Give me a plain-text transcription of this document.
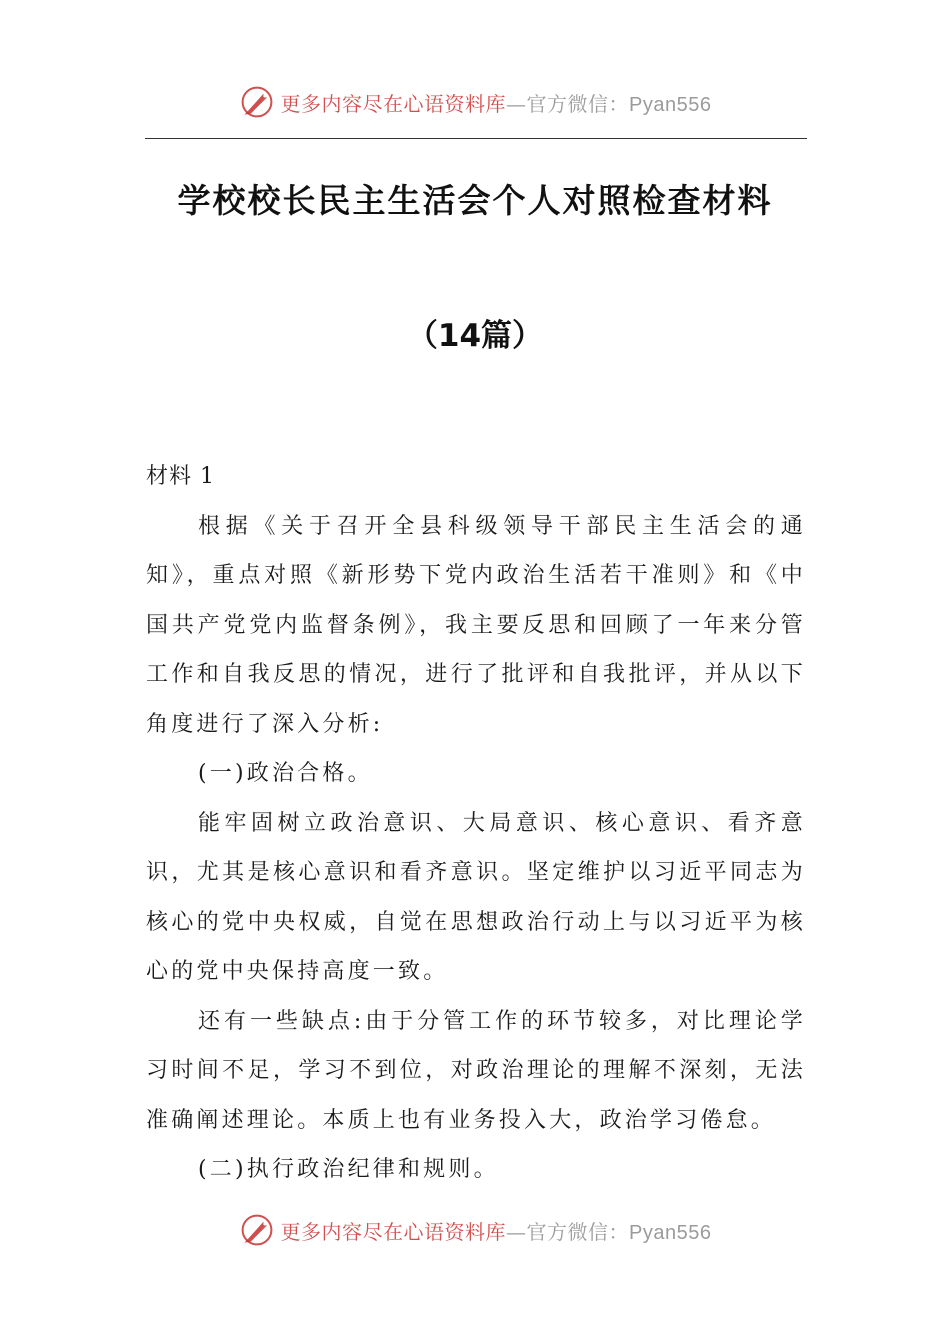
更多内容尽在心语资料库—官方微信：Pyan556
学校校长民主生活会个人对照检查材料
（14篇）

材料 1

根据《关于召开全县科级领导干部民主生活会的通知》，重点对照《新形势下党内政治生活若干准则》和《中国共产党党内监督条例》，我主要反思和回顾了一年来分管工作和自我反思的情况，进行了批评和自我批评，并从以下角度进行了深入分析:

(一)政治合格。

能牢固树立政治意识、大局意识、核心意识、看齐意识，尤其是核心意识和看齐意识。坚定维护以习近平同志为核心的党中央权威，自觉在思想政治行动上与以习近平为核心的党中央保持高度一致。

还有一些缺点:由于分管工作的环节较多，对比理论学习时间不足，学习不到位，对政治理论的理解不深刻，无法准确阐述理论。本质上也有业务投入大，政治学习倦怠。

(二)执行政治纪律和规则。

更多内容尽在心语资料库—官方微信：Pyan556
